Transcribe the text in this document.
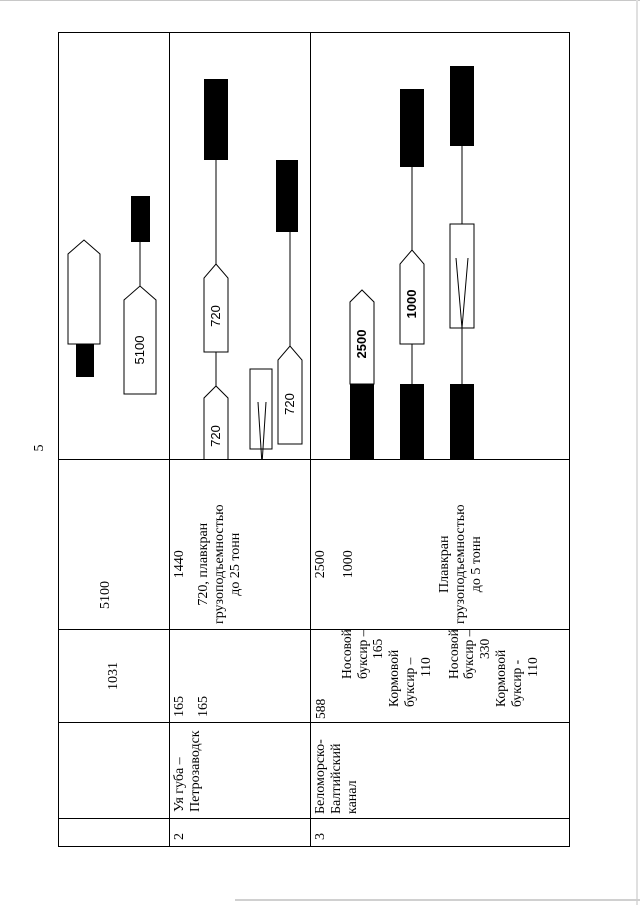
5
1031
5100
2
Уя губа – Петрозаводск
165 165
1440 720, плавкран грузоподъемностью до 25 тонн
3
Беломорско- Балтийский канал
588
Носовой буксир – 165
Кормовой буксир – 110 Носовой буксир – 330
Кормовой буксир - 110
2500 1000	Плавкран грузоподъемностью до 5 тонн
5100
720
720
720
2500
1000
